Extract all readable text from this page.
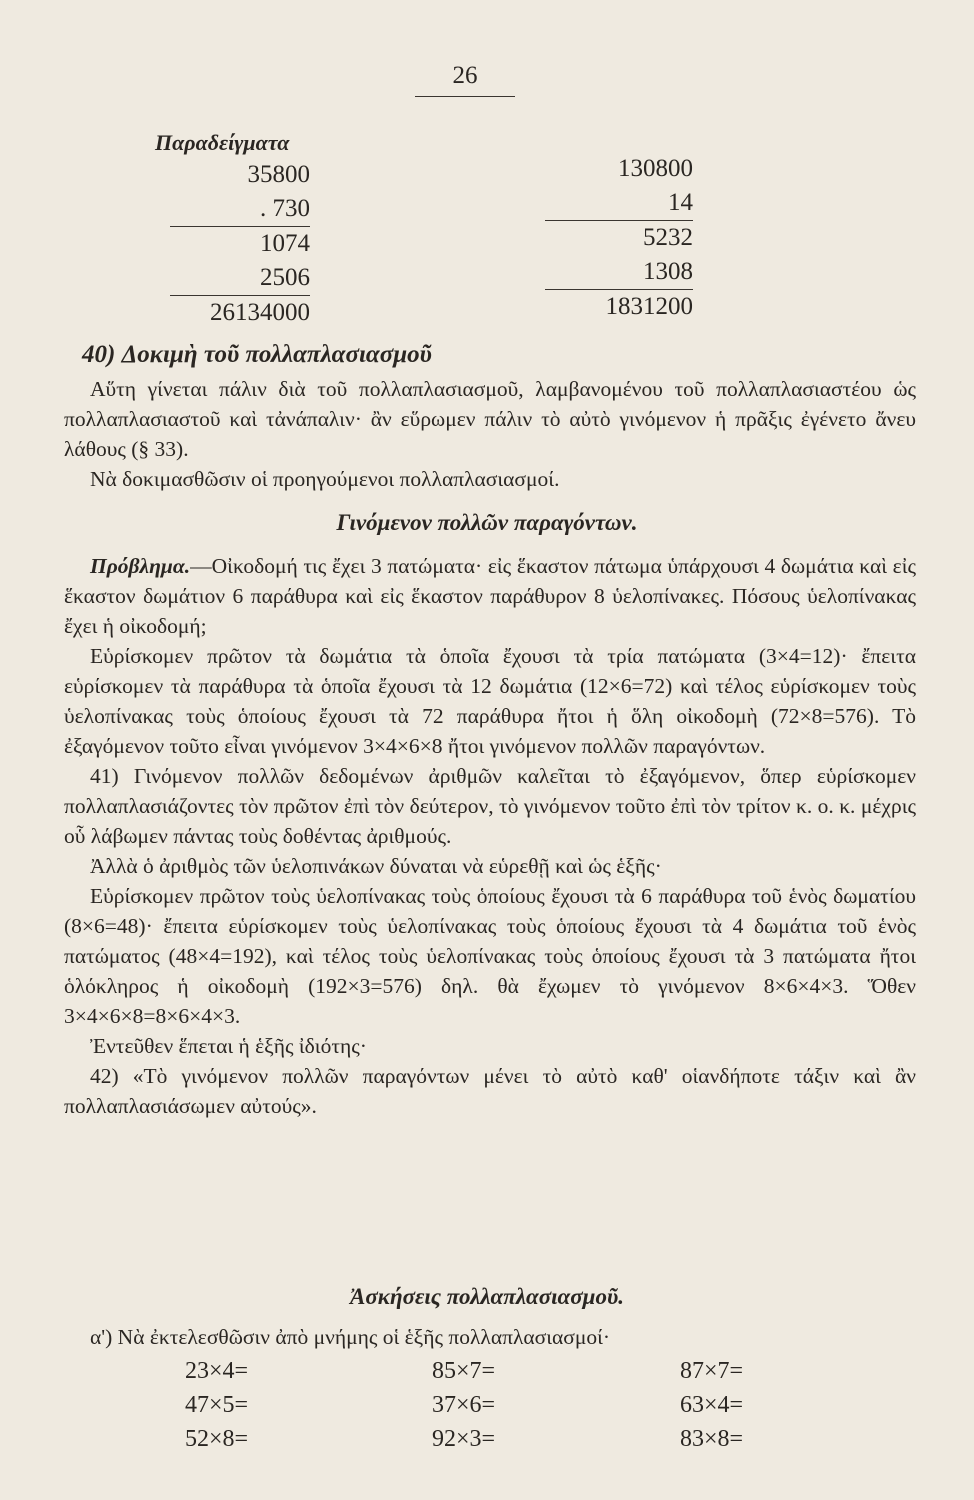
26
Παραδείγματα
35800
. 730
1074
2506
26134000
130800
14
5232
1308
1831200
40) Δοκιμὴ τοῦ πολλαπλασιασμοῦ

Αὕτη γίνεται πάλιν διὰ τοῦ πολλαπλασιασμοῦ, λαμβανομένου τοῦ πολλαπλασιαστέου ὡς πολλαπλασιαστοῦ καὶ τἀνάπαλιν· ἂν εὕρωμεν πάλιν τὸ αὐτὸ γινόμενον ἡ πρᾶξις ἐγένετο ἄνευ λάθους (§ 33).

Νὰ δοκιμασθῶσιν οἱ προηγούμενοι πολλαπλασιασμοί.

Γινόμενον πολλῶν παραγόντων.

Πρόβλημα.—Οἰκοδομή τις ἔχει 3 πατώματα· εἰς ἕκαστον πάτωμα ὑπάρχουσι 4 δωμάτια καὶ εἰς ἕκαστον δωμάτιον 6 παράθυρα καὶ εἰς ἕκαστον παράθυρον 8 ὑελοπίνακες. Πόσους ὑελοπίνακας ἔχει ἡ οἰκοδομή;

Εὑρίσκομεν πρῶτον τὰ δωμάτια τὰ ὁποῖα ἔχουσι τὰ τρία πατώματα (3×4=12)· ἔπειτα εὑρίσκομεν τὰ παράθυρα τὰ ὁποῖα ἔχουσι τὰ 12 δωμάτια (12×6=72) καὶ τέλος εὑρίσκομεν τοὺς ὑελοπίνακας τοὺς ὁποίους ἔχουσι τὰ 72 παράθυρα ἤτοι ἡ ὅλη οἰκοδομὴ (72×8=576). Τὸ ἐξαγόμενον τοῦτο εἶναι γινόμενον 3×4×6×8 ἤτοι γινόμενον πολλῶν παραγόντων.

41) Γινόμενον πολλῶν δεδομένων ἀριθμῶν καλεῖται τὸ ἐξαγόμενον, ὅπερ εὑρίσκομεν πολλαπλασιάζοντες τὸν πρῶτον ἐπὶ τὸν δεύτερον, τὸ γινόμενον τοῦτο ἐπὶ τὸν τρίτον κ. ο. κ. μέχρις οὗ λάβωμεν πάντας τοὺς δοθέντας ἀριθμούς.

Ἀλλὰ ὁ ἀριθμὸς τῶν ὑελοπινάκων δύναται νὰ εὑρεθῇ καὶ ὡς ἑξῆς·

Εὑρίσκομεν πρῶτον τοὺς ὑελοπίνακας τοὺς ὁποίους ἔχουσι τὰ 6 παράθυρα τοῦ ἑνὸς δωματίου (8×6=48)· ἔπειτα εὑρίσκομεν τοὺς ὑελοπίνακας τοὺς ὁποίους ἔχουσι τὰ 4 δωμάτια τοῦ ἑνὸς πατώματος (48×4=192), καὶ τέλος τοὺς ὑελοπίνακας τοὺς ὁποίους ἔχουσι τὰ 3 πατώματα ἤτοι ὁλόκληρος ἡ οἰκοδομὴ (192×3=576) δηλ. θὰ ἔχωμεν τὸ γινόμενον 8×6×4×3. Ὅθεν 3×4×6×8=8×6×4×3.

Ἐντεῦθεν ἕπεται ἡ ἑξῆς ἰδιότης·

42) «Τὸ γινόμενον πολλῶν παραγόντων μένει τὸ αὐτὸ καθ' οἱανδήποτε τάξιν καὶ ἂν πολλαπλασιάσωμεν αὐτούς».

Ἀσκήσεις πολλαπλασιασμοῦ.

α') Νὰ ἐκτελεσθῶσιν ἀπὸ μνήμης οἱ ἑξῆς πολλαπλασιασμοί·

23×4=
47×5=
52×8=
85×7=
37×6=
92×3=
87×7=
63×4=
83×8=
